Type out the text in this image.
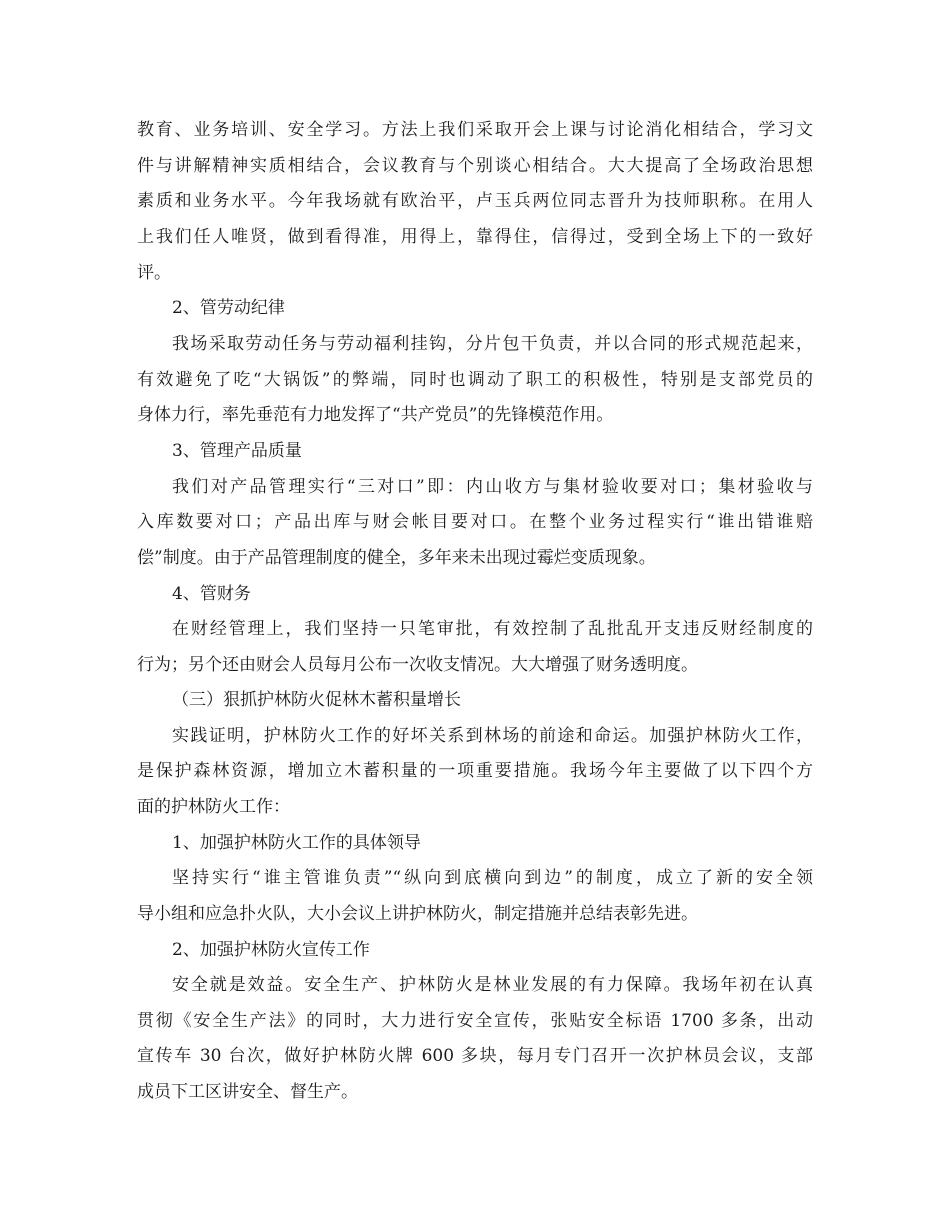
教育、业务培训、安全学习。方法上我们采取开会上课与讨论消化相结合，学习文
件与讲解精神实质相结合，会议教育与个别谈心相结合。大大提高了全场政治思想
素质和业务水平。今年我场就有欧治平，卢玉兵两位同志晋升为技师职称。在用人
上我们任人唯贤，做到看得准，用得上，靠得住，信得过，受到全场上下的一致好
评。
2、管劳动纪律
我场采取劳动任务与劳动福利挂钩，分片包干负责，并以合同的形式规范起来，
有效避免了吃“大锅饭”的弊端，同时也调动了职工的积极性，特别是支部党员的
身体力行，率先垂范有力地发挥了“共产党员”的先锋模范作用。
3、管理产品质量
我们对产品管理实行“三对口”即：内山收方与集材验收要对口；集材验收与
入库数要对口；产品出库与财会帐目要对口。在整个业务过程实行“谁出错谁赔
偿”制度。由于产品管理制度的健全，多年来未出现过霉烂变质现象。
4、管财务
在财经管理上，我们坚持一只笔审批，有效控制了乱批乱开支违反财经制度的
行为；另个还由财会人员每月公布一次收支情况。大大增强了财务透明度。
（三）狠抓护林防火促林木蓄积量增长
实践证明，护林防火工作的好坏关系到林场的前途和命运。加强护林防火工作，
是保护森林资源，增加立木蓄积量的一项重要措施。我场今年主要做了以下四个方
面的护林防火工作：
1、加强护林防火工作的具体领导
坚持实行“谁主管谁负责”“纵向到底横向到边”的制度，成立了新的安全领
导小组和应急扑火队，大小会议上讲护林防火，制定措施并总结表彰先进。
2、加强护林防火宣传工作
安全就是效益。安全生产、护林防火是林业发展的有力保障。我场年初在认真
贯彻《安全生产法》的同时，大力进行安全宣传，张贴安全标语 1700 多条，出动
宣传车 30 台次，做好护林防火牌 600 多块，每月专门召开一次护林员会议，支部
成员下工区讲安全、督生产。
